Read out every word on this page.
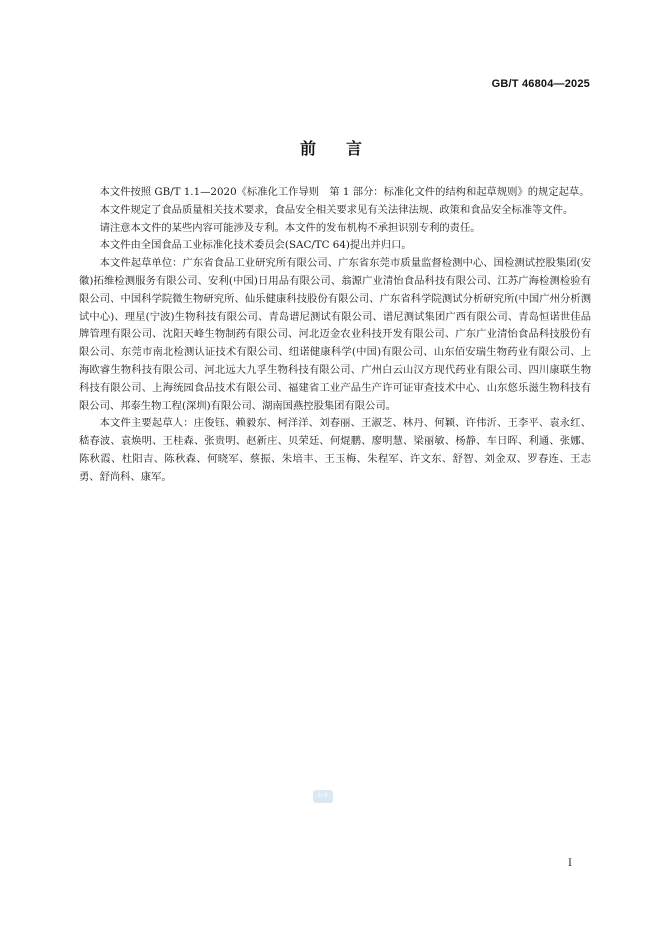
GB/T 46804—2025
前言

本文件按照 GB/T 1.1—2020《标准化工作导则　第 1 部分：标准化文件的结构和起草规则》的规定起草。

本文件规定了食品质量相关技术要求，食品安全相关要求见有关法律法规、政策和食品安全标准等文件。

请注意本文件的某些内容可能涉及专利。本文件的发布机构不承担识别专利的责任。

本文件由全国食品工业标准化技术委员会(SAC/TC 64)提出并归口。

本文件起草单位：广东省食品工业研究所有限公司、广东省东莞市质量监督检测中心、国检测试控股集团(安徽)拓维检测服务有限公司、安利(中国)日用品有限公司、翁源广业清怡食品科技有限公司、江苏广海检测检验有限公司、中国科学院微生物研究所、仙乐健康科技股份有限公司、广东省科学院测试分析研究所(中国广州分析测试中心)、理星(宁波)生物科技有限公司、青岛谱尼测试有限公司、谱尼测试集团广西有限公司、青岛恒诺世佳品牌管理有限公司、沈阳天峰生物制药有限公司、河北迈金农业科技开发有限公司、广东广业清怡食品科技股份有限公司、东莞市南北检测认证技术有限公司、纽诺健康科学(中国)有限公司、山东佰安瑞生物药业有限公司、上海欧睿生物科技有限公司、河北远大九孚生物科技有限公司、广州白云山汉方现代药业有限公司、四川康联生物科技有限公司、上海统园食品技术有限公司、福建省工业产品生产许可证审查技术中心、山东悠乐滋生物科技有限公司、邦泰生物工程(深圳)有限公司、湖南国燕控股集团有限公司。

本文件主要起草人：庄俊钰、赖毅东、柯洋洋、刘春丽、王淑芝、林丹、何颖、许伟沂、王李平、袁永红、嵇春波、袁焕明、王桂森、张贵明、赵新庄、贝荣廷、何焜鹏、廖明慧、梁丽敏、杨静、车日晖、利通、张娜、陈秋霞、杜阳吉、陈秋森、何晓军、蔡振、朱培丰、王玉梅、朱程军、许文东、舒智、刘金双、罗春连、王志勇、舒尚科、康军。

标准
I
